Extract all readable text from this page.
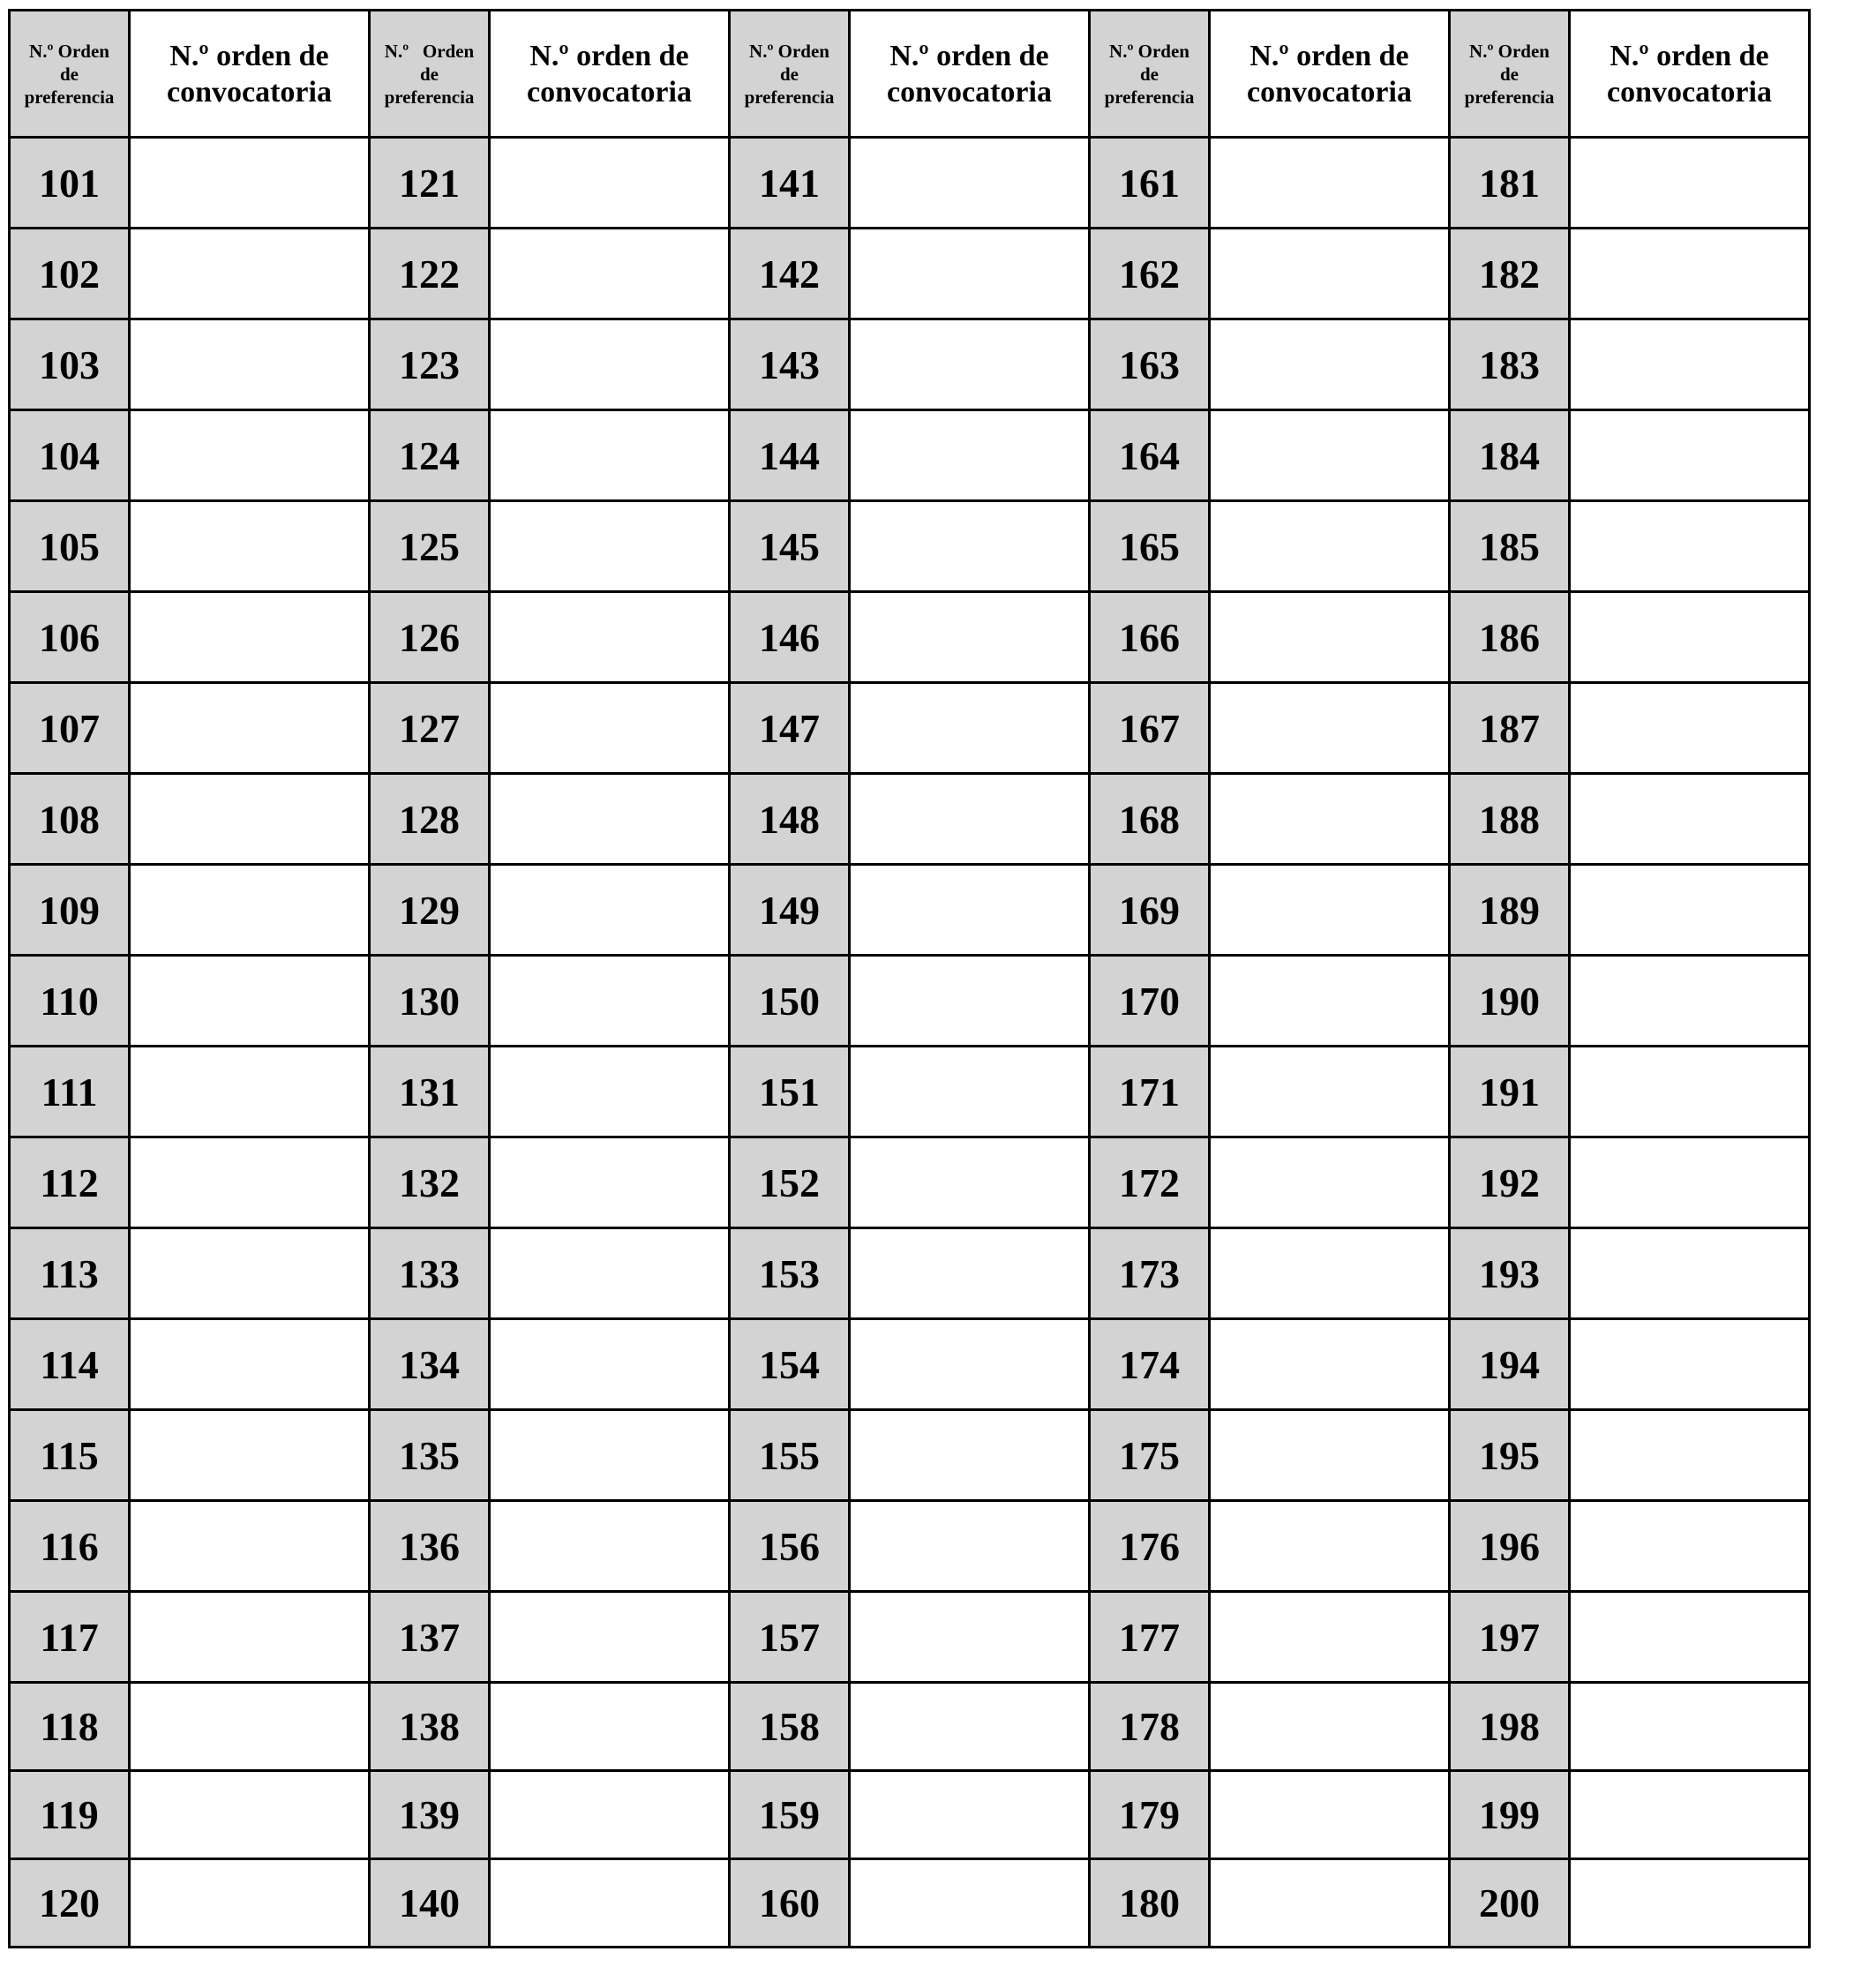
N.º Orden
de
preferencia	N.º orden de
convocatoria	N.º   Orden
de
preferencia	N.º orden de
convocatoria	N.º Orden
de
preferencia	N.º orden de
convocatoria	N.º Orden
de
preferencia	N.º orden de
convocatoria	N.º Orden
de
preferencia	N.º orden de
convocatoria

101		121		141		161		181	
102		122		142		162		182	
103		123		143		163		183	
104		124		144		164		184	
105		125		145		165		185	
106		126		146		166		186	
107		127		147		167		187	
108		128		148		168		188	
109		129		149		169		189	
110		130		150		170		190	
111		131		151		171		191	
112		132		152		172		192	
113		133		153		173		193	
114		134		154		174		194	
115		135		155		175		195	
116		136		156		176		196	
117		137		157		177		197	
118		138		158		178		198	
119		139		159		179		199	
120		140		160		180		200	
